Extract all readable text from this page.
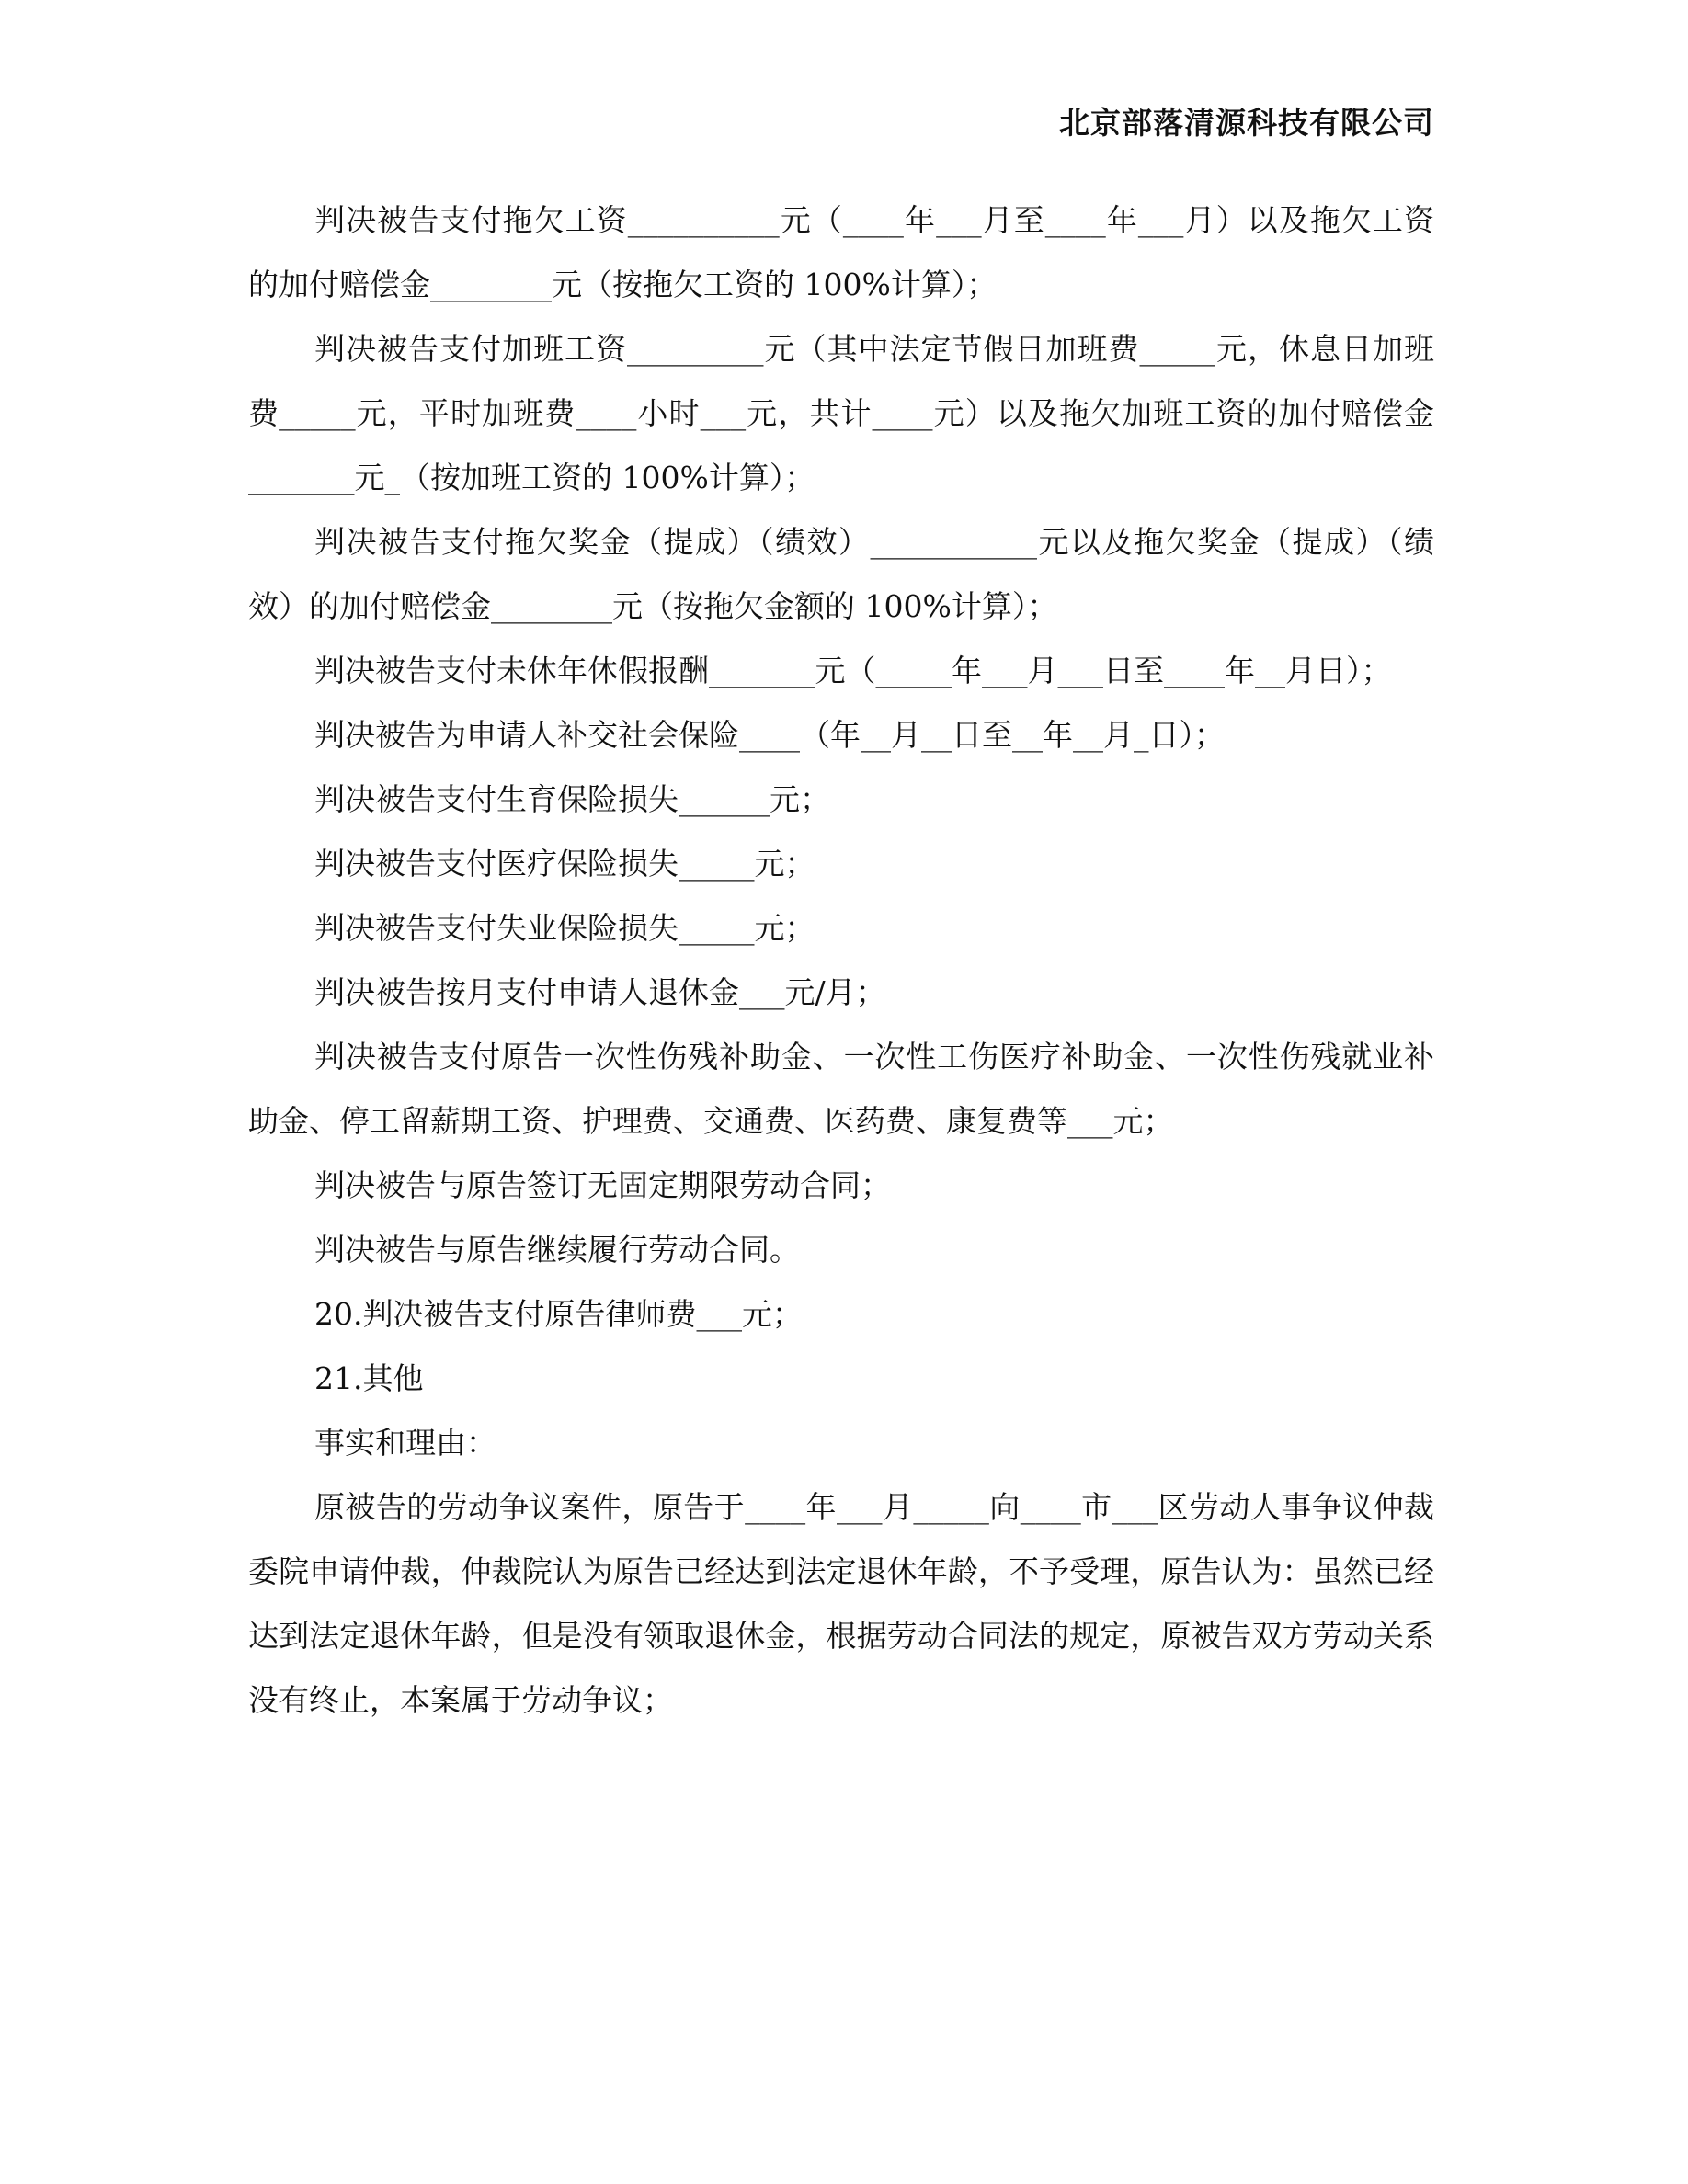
北京部落清源科技有限公司

判决被告支付拖欠工资__________元（____年___月至____年___月）以及拖欠工资的加付赔偿金________元（按拖欠工资的 100%计算）；

判决被告支付加班工资_________元（其中法定节假日加班费_____元，休息日加班费_____元，平时加班费____小时___元，共计____元）以及拖欠加班工资的加付赔偿金_______元_（按加班工资的 100%计算）；

判决被告支付拖欠奖金（提成）（绩效）___________元以及拖欠奖金（提成）（绩效）的加付赔偿金________元（按拖欠金额的 100%计算）；

判决被告支付未休年休假报酬_______元（_____年___月___日至____年__月日）；

判决被告为申请人补交社会保险____（年__月__日至__年__月_日）；

判决被告支付生育保险损失______元；

判决被告支付医疗保险损失_____元；

判决被告支付失业保险损失_____元；

判决被告按月支付申请人退休金___元/月；

判决被告支付原告一次性伤残补助金、一次性工伤医疗补助金、一次性伤残就业补助金、停工留薪期工资、护理费、交通费、医药费、康复费等___元；

判决被告与原告签订无固定期限劳动合同；

判决被告与原告继续履行劳动合同。

20.判决被告支付原告律师费___元；

21.其他

事实和理由：

原被告的劳动争议案件，原告于____年___月_____向____市___区劳动人事争议仲裁委院申请仲裁，仲裁院认为原告已经达到法定退休年龄，不予受理，原告认为：虽然已经达到法定退休年龄，但是没有领取退休金，根据劳动合同法的规定，原被告双方劳动关系没有终止，本案属于劳动争议；
